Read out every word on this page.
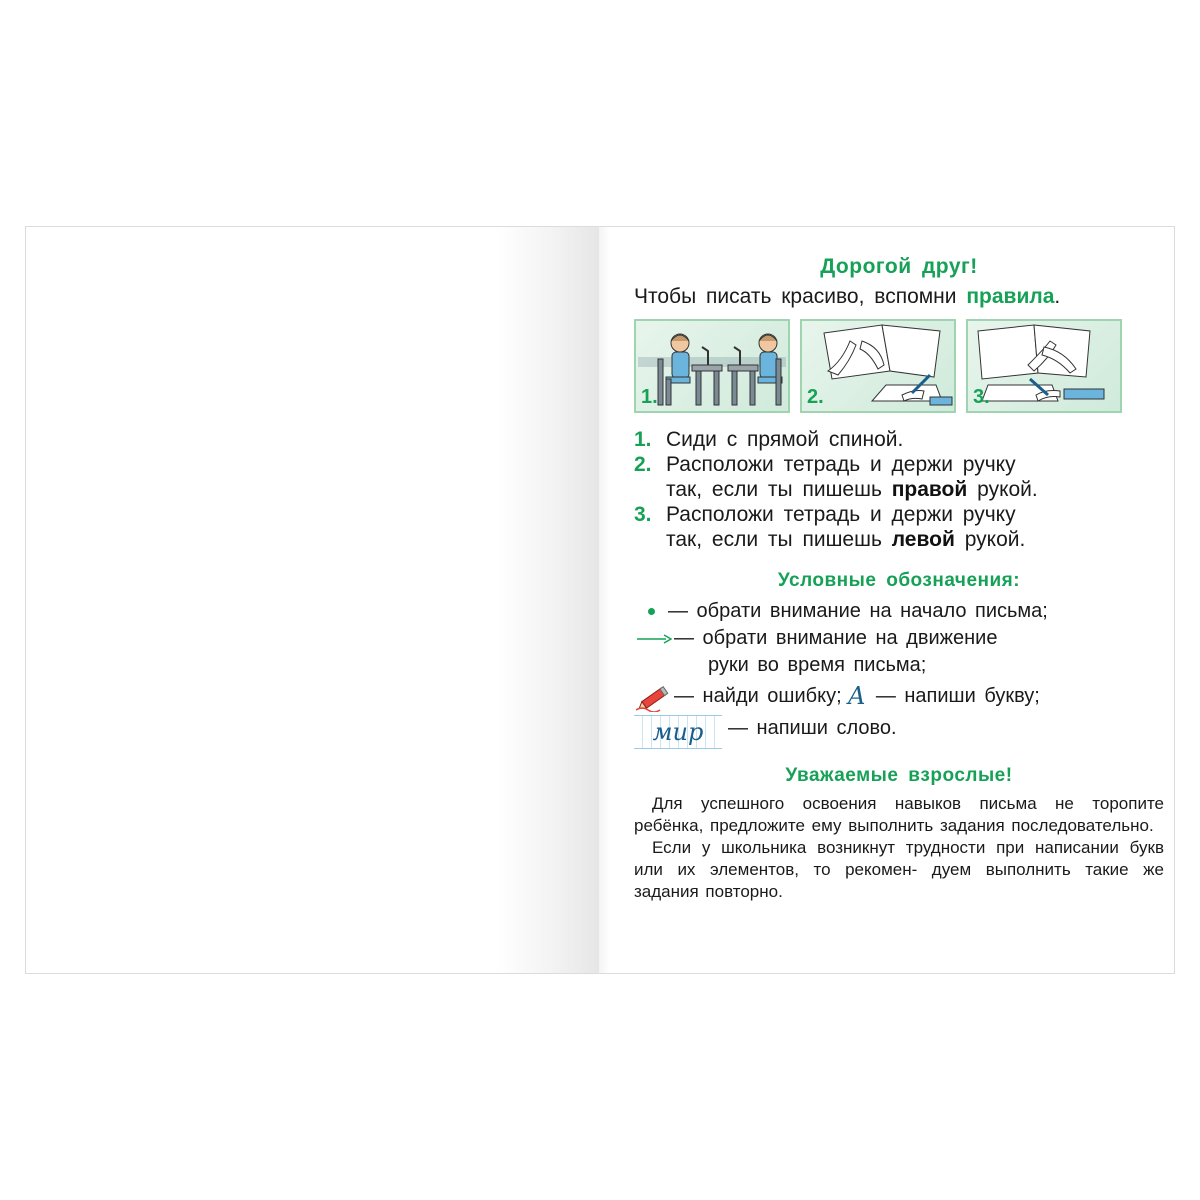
Дорогой друг!

Чтобы писать красиво, вспомни правила.

1.	2.	3.
1. Сиди с прямой спиной.
2. Расположи тетрадь и держи ручку
так, если ты пишешь правой рукой.
3. Расположи тетрадь и держи ручку
так, если ты пишешь левой рукой.
Условные обозначения:
— обрати внимание на начало письма;
— обрати внимание на движение
руки во время письма;
— найди ошибку; А — напиши букву;
мир — напиши слово.
Уважаемые взрослые!

Для успешного освоения навыков письма не торопите ребёнка, предложите ему выполнить задания последовательно.

Если у школьника возникнут трудности при написании букв или их элементов, то рекомен- дуем выполнить такие же задания повторно.
